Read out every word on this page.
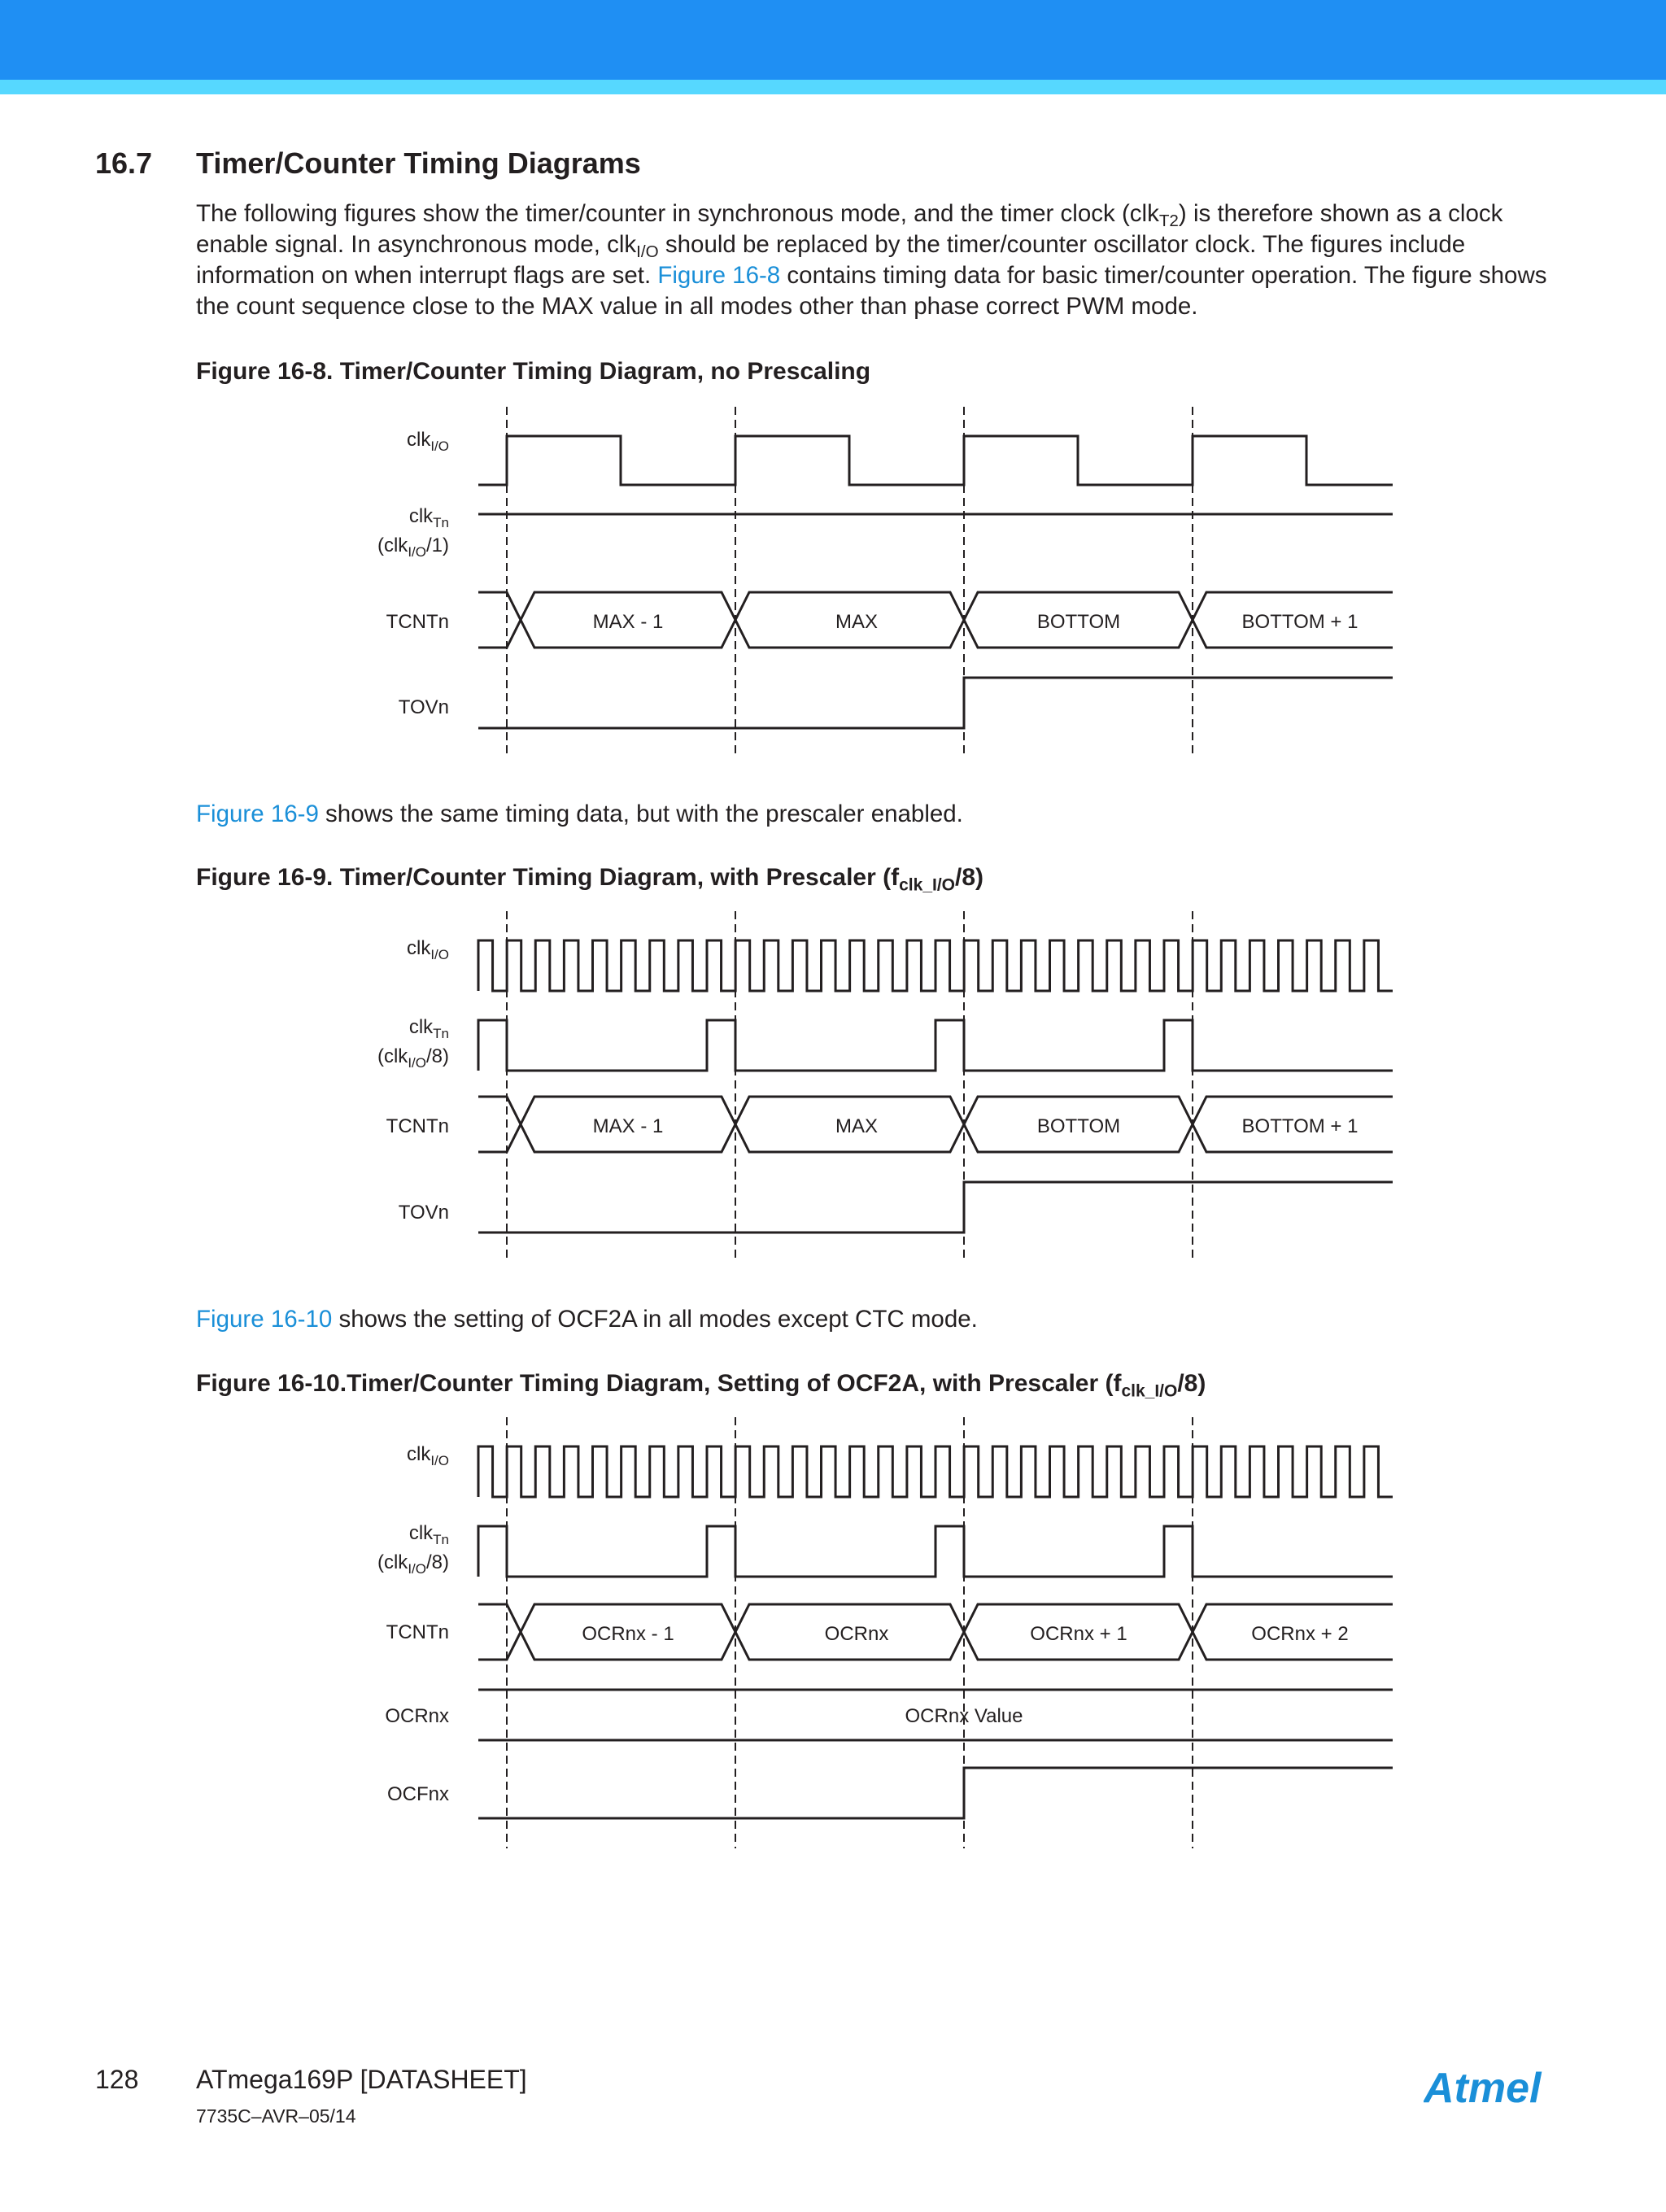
16.7 Timer/Counter Timing Diagrams

The following figures show the timer/counter in synchronous mode, and the timer clock (clk$_{T2}$) is therefore shown as a clock enable signal. In asynchronous mode, clk$_{I/O}$ should be replaced by the timer/counter oscillator clock. The figures include information on when interrupt flags are set. Figure 16-8 contains timing data for basic timer/counter operation. The figure shows the count sequence close to the MAX value in all modes other than phase correct PWM mode.

Figure 16-8. Timer/Counter Timing Diagram, no Prescaling
clk$_{I/O}$
clk$_{Tn}$
(clk$_{I/O}$/1)
TCNTn
TOVn
MAX - 1	MAX	BOTTOM	BOTTOM + 1

Figure 16-9 shows the same timing data, but with the prescaler enabled.

Figure 16-9. Timer/Counter Timing Diagram, with Prescaler $(f_{clk\_I/O}/8)$
clk$_{I/O}$
clk$_{Tn}$
(clk$_{I/O}$/8)
TCNTn
TOVn
MAX - 1	MAX	BOTTOM	BOTTOM + 1

Figure 16-10 shows the setting of OCF2A in all modes except CTC mode.

Figure 16-10.Timer/Counter Timing Diagram, Setting of OCF2A, with Prescaler $(f_{clk\_I/O}/8)$
clk$_{I/O}$
clk$_{Tn}$
(clk$_{I/O}$/8)
TCNTn
OCRnx
OCFnx
OCRnx - 1	OCRnx	OCRnx + 1	OCRnx + 2
OCRnx Value
128 ATmega169P [DATASHEET]
7735C–AVR–05/14
Atmel
